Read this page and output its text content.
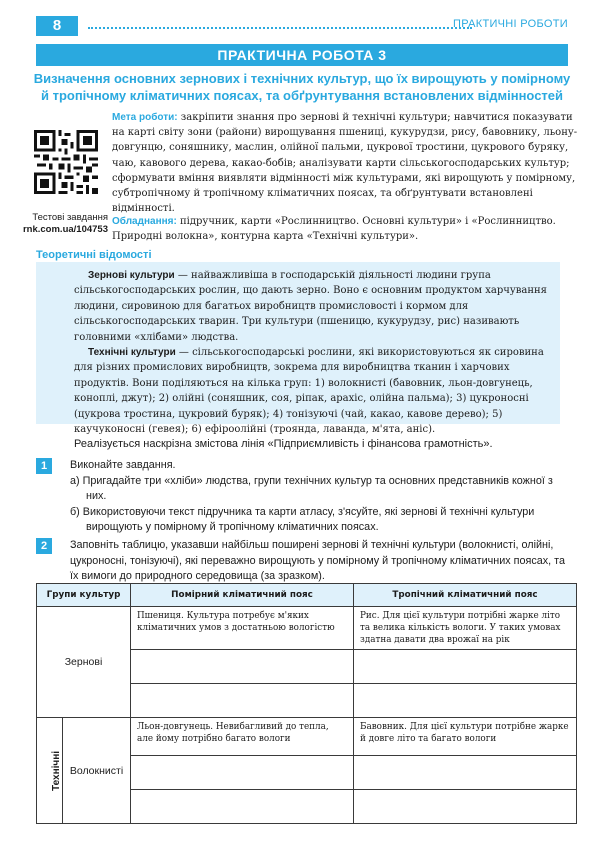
8	ПРАКТИЧНІ РОБОТИ
ПРАКТИЧНА РОБОТА 3
Визначення основних зернових і технічних культур, що їх вирощують у помірному й тропічному кліматичних поясах, та обґрунтування встановлених відмінностей
Тестові завдання
rnk.com.ua/104753
Мета роботи: закріпити знання про зернові й технічні культури; навчитися показувати на карті світу зони (райони) вирощування пшениці, кукурудзи, рису, бавовнику, льону-довгунцю, соняшнику, маслин, олійної пальми, цукрової тростини, цукрового буряку, чаю, кавового дерева, какао-бобів; аналізувати карти сільськогосподарських культур; сформувати вміння виявляти відмінності між культурами, які вирощують у помірному, субтропічному й тропічному кліматичних поясах, та обґрунтувати встановлені відмінності.
Обладнання: підручник, карти «Рослинництво. Основні культури» і «Рослинництво. Природні волокна», контурна карта «Технічні культури».
Теоретичні відомості

Зернові культури — найважливіша в господарській діяльності людини група сільськогосподарських рослин, що дають зерно. Воно є основним продуктом харчування людини, сировиною для багатьох виробництв промисловості і кормом для сільськогосподарських тварин. Три культури (пшеницю, кукурудзу, рис) називають головними «хлібами» людства.

Технічні культури — сільськогосподарські рослини, які використовуються як сировина для різних промислових виробництв, зокрема для виробництва тканин і харчових продуктів. Вони поділяються на кілька груп: 1) волокнисті (бавовник, льон-довгунець, коноплі, джут); 2) олійні (соняшник, соя, ріпак, арахіс, олійна пальма); 3) цукроносні (цукрова тростина, цукровий буряк); 4) тонізуючі (чай, какао, кавове дерево); 5) каучуконосні (гевея); 6) ефіроолійні (троянда, лаванда, м'ята, аніс).

Реалізується наскрізна змістова лінія «Підприємливість і фінансова грамотність».
1	Виконайте завдання.
а) Пригадайте три «хліби» людства, групи технічних культур та основних представників кожної з них.
б) Використовуючи текст підручника та карти атласу, з'ясуйте, які зернові й технічні культури вирощують у помірному й тропічному кліматичних поясах.
2	Заповніть таблицю, указавши найбільш поширені зернові й технічні культури (волокнисті, олійні, цукроносні, тонізуючі), які переважно вирощують у помірному й тропічному кліматичних поясах, та їх вимоги до природного середовища (за зразком).
Групи культур		Помірний кліматичний пояс	Тропічний кліматичний пояс
Зернові		Пшениця. Культура потребує м'яких кліматичних умов з достатньою вологістю	Рис. Для цієї культури потрібні жарке літо та велика кількість вологи. У таких умовах здатна давати два врожаї на рік

Технічні	Волокнисті	Льон-довгунець. Невибагливий до тепла, але йому потрібно багато вологи	Бавовник. Для цієї культури потрібне жарке й довге літо та багато вологи
